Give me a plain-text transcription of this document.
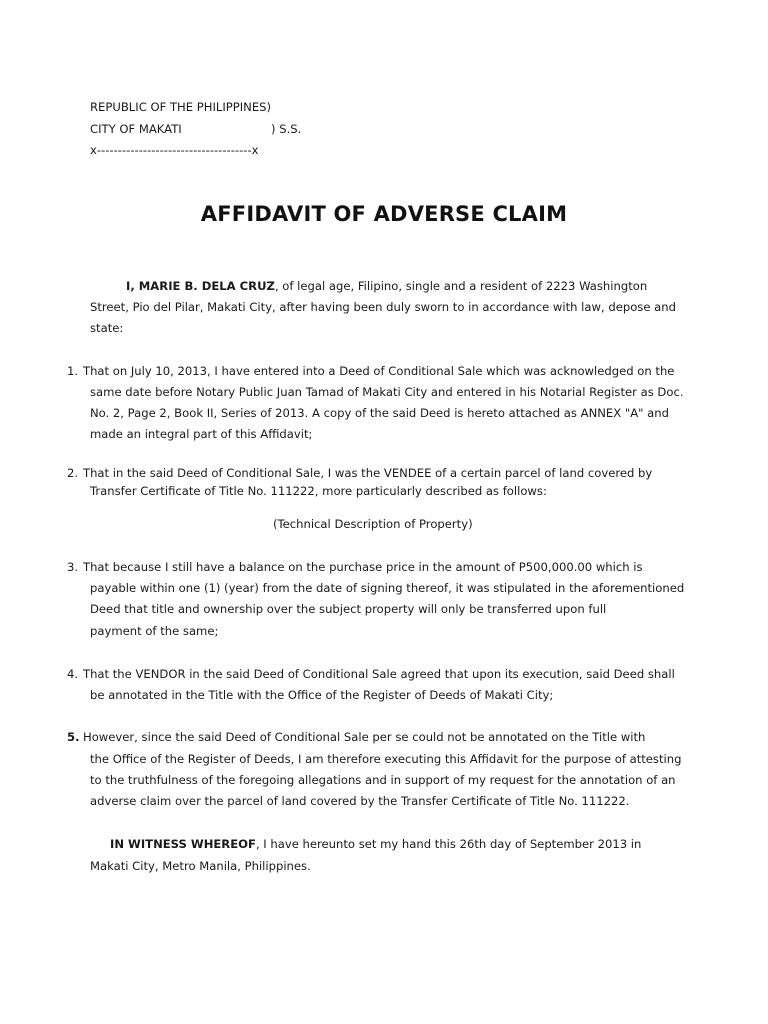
REPUBLIC OF THE PHILIPPINES)
CITY OF MAKATI	) S.S.
x-------------------------------------x
AFFIDAVIT OF ADVERSE CLAIM
I, MARIE B. DELA CRUZ, of legal age, Filipino, single and a resident of 2223 Washington
Street, Pio del Pilar, Makati City, after having been duly sworn to in accordance with law, depose and
state:
1. That on July 10, 2013, I have entered into a Deed of Conditional Sale which was acknowledged on the
same date before Notary Public Juan Tamad of Makati City and entered in his Notarial Register as Doc.
No. 2, Page 2, Book II, Series of 2013. A copy of the said Deed is hereto attached as ANNEX "A" and
made an integral part of this Affidavit;
2. That in the said Deed of Conditional Sale, I was the VENDEE of a certain parcel of land covered by
Transfer Certificate of Title No. 111222, more particularly described as follows:
(Technical Description of Property)
3. That because I still have a balance on the purchase price in the amount of P500,000.00 which is
payable within one (1) (year) from the date of signing thereof, it was stipulated in the aforementioned
Deed that title and ownership over the subject property will only be transferred upon full
payment of the same;
4. That the VENDOR in the said Deed of Conditional Sale agreed that upon its execution, said Deed shall
be annotated in the Title with the Office of the Register of Deeds of Makati City;
5. However, since the said Deed of Conditional Sale per se could not be annotated on the Title with
the Office of the Register of Deeds, I am therefore executing this Affidavit for the purpose of attesting
to the truthfulness of the foregoing allegations and in support of my request for the annotation of an
adverse claim over the parcel of land covered by the Transfer Certificate of Title No. 111222.
IN WITNESS WHEREOF, I have hereunto set my hand this 26th day of September 2013 in
Makati City, Metro Manila, Philippines.
